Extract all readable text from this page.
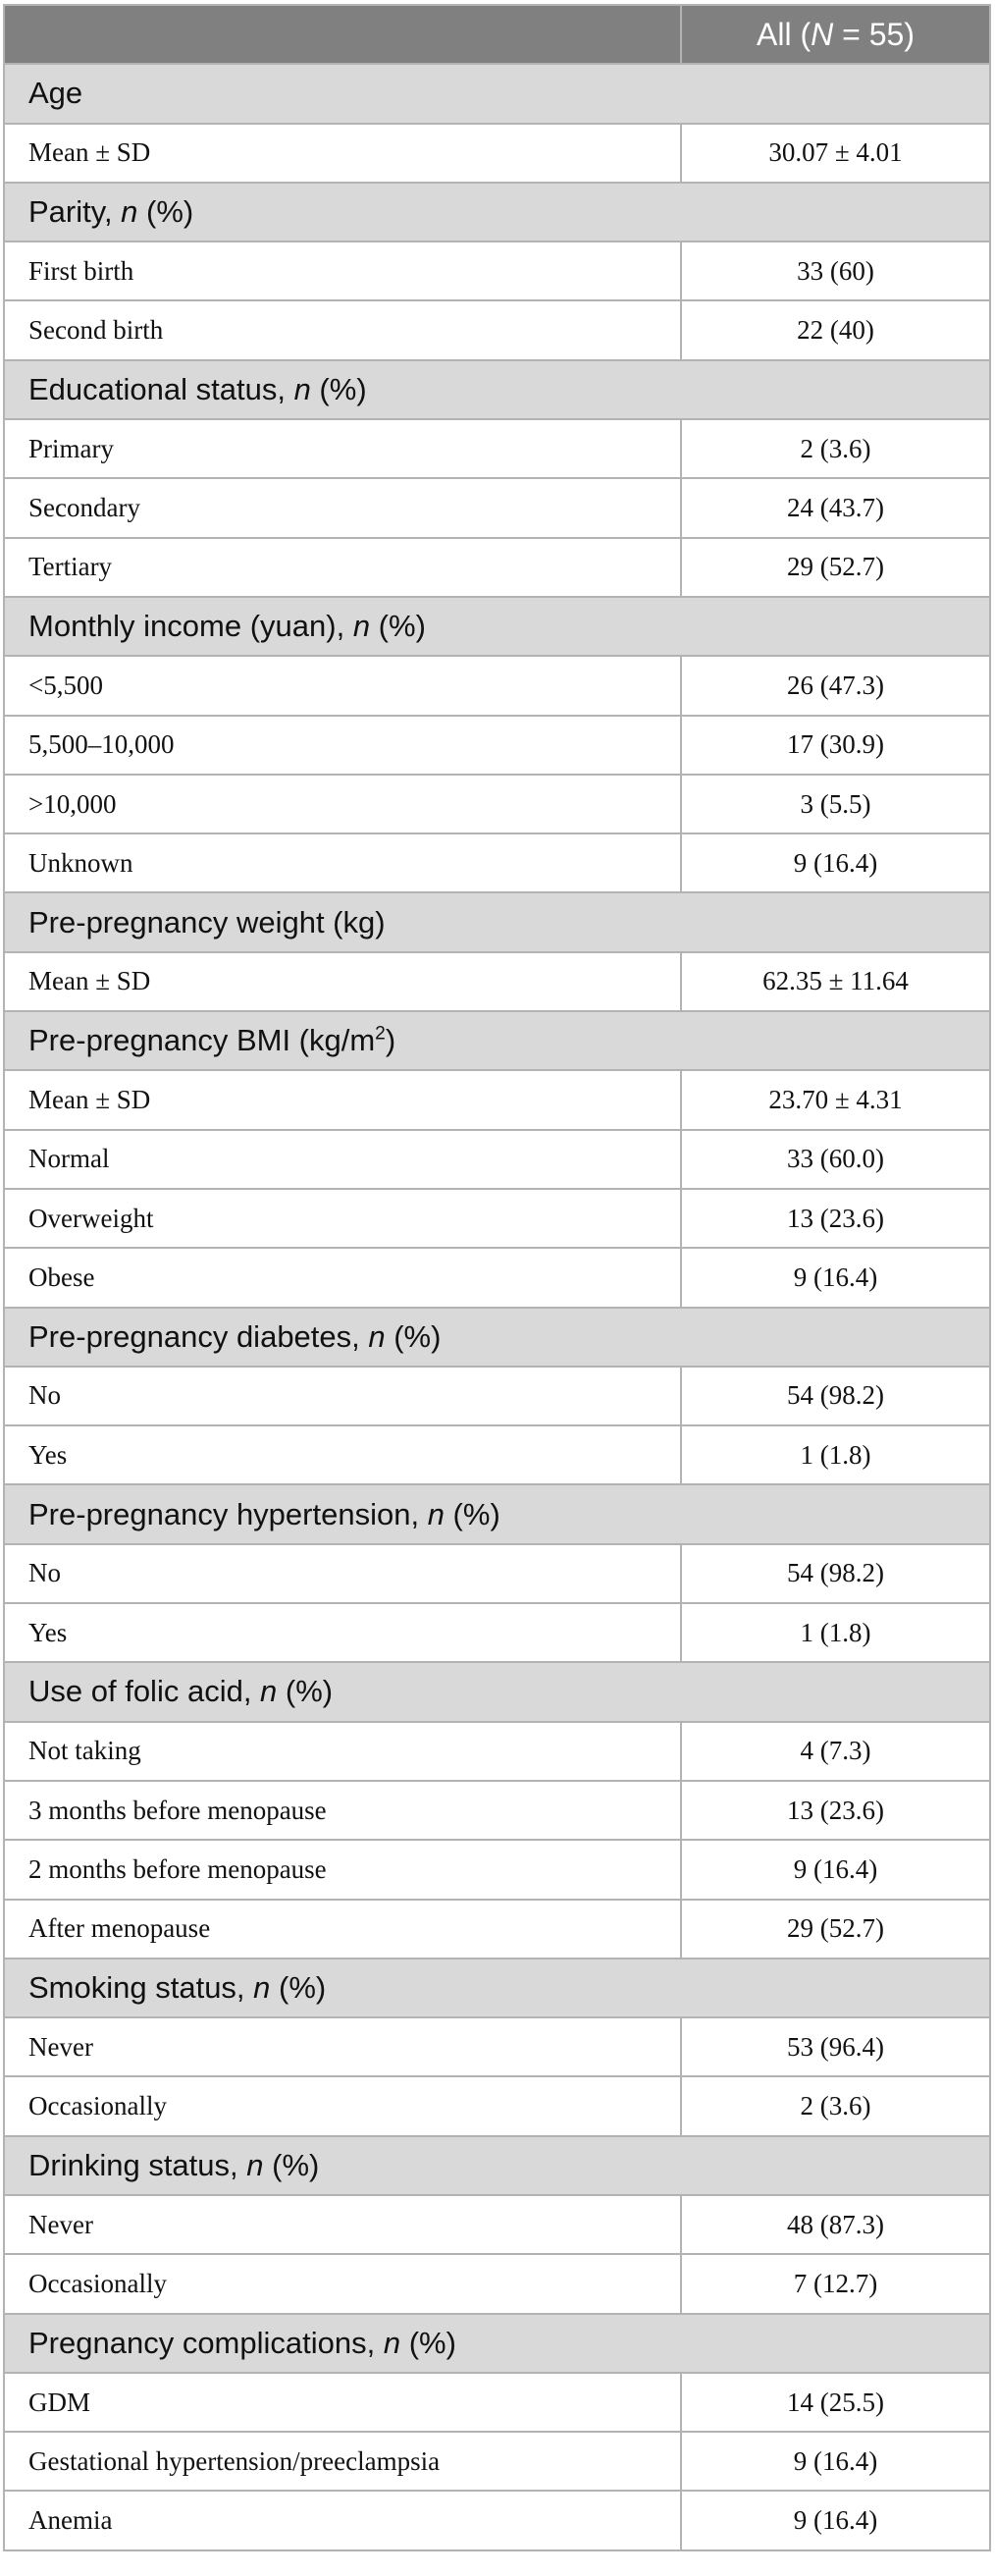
	All (N = 55)
Age	
Mean ± SD	30.07 ± 4.01
Parity, n (%)	
First birth	33 (60)
Second birth	22 (40)
Educational status, n (%)	
Primary	2 (3.6)
Secondary	24 (43.7)
Tertiary	29 (52.7)
Monthly income (yuan), n (%)	
<5,500	26 (47.3)
5,500–10,000	17 (30.9)
>10,000	3 (5.5)
Unknown	9 (16.4)
Pre-pregnancy weight (kg)	
Mean ± SD	62.35 ± 11.64
Pre-pregnancy BMI $(kg/m^2)$	
Mean ± SD	23.70 ± 4.31
Normal	33 (60.0)
Overweight	13 (23.6)
Obese	9 (16.4)
Pre-pregnancy diabetes, n (%)	
No	54 (98.2)
Yes	1 (1.8)
Pre-pregnancy hypertension, n (%)	
No	54 (98.2)
Yes	1 (1.8)
Use of folic acid, n (%)	
Not taking	4 (7.3)
3 months before menopause	13 (23.6)
2 months before menopause	9 (16.4)
After menopause	29 (52.7)
Smoking status, n (%)	
Never	53 (96.4)
Occasionally	2 (3.6)
Drinking status, n (%)	
Never	48 (87.3)
Occasionally	7 (12.7)
Pregnancy complications, n (%)	
GDM	14 (25.5)
Gestational hypertension/preeclampsia	9 (16.4)
Anemia	9 (16.4)
